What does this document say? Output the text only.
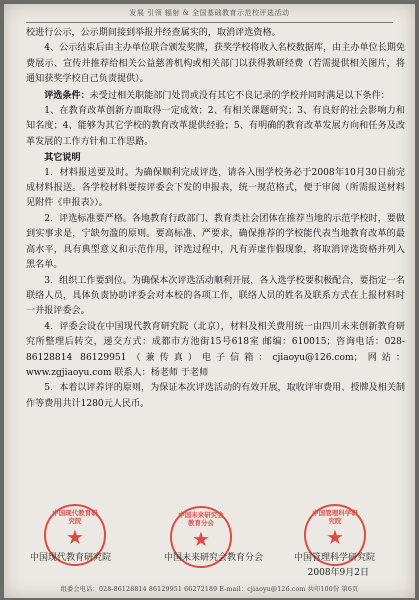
发展 引领 辐射 & 全国基础教育示范校评选活动

校进行公示，公示期间接到举报并经查属实的，取消评选资格。

4、公示结束后由主办单位联合颁发奖牌，获奖学校将收入名校数据库，由主办单位长期免费展示、宣传并推荐给相关公益慈善机构或相关部门以获得教研经费（若需提供相关图片，将通知获奖学校自己负责提供）。

评选条件：未受过相关职能部门处罚或没有其它不良记录的学校并同时满足以下条件：

1、在教育改革创新方面取得一定成效；2、有相关课题研究；3、有良好的社会影响力和知名度；4、能够为其它学校的教育改革提供经验；5、有明确的教育改革发展方向和任务及改革发展的工作方针和工作思路。

其它说明

1．材料报送要及时。为确保顺利完成评选，请各入围学校务必于2008年10月30日前完成材料报送。各学校材料要按评委会下发的申报表，统一规范格式，便于审阅（所需报送材料见附件《申报表》）。

2．评选标准要严格。各地教育行政部门、教育类社会团体在推荐当地的示范学校时，要做到实事求是，宁缺勿滥的原则。要高标准、严要求，确保推荐的学校能代表当地教育改革的最高水平，具有典型意义和示范作用，评选过程中，凡有弄虚作假现象，将取消评选资格并列入黑名单。

3．组织工作要到位。为确保本次评选活动顺利开展，各入选学校要积极配合，要指定一名联络人员，具体负责协助评委会对本校的各项工作，联络人员的姓名及联系方式在上报材料时一并报评委会。

4．评委会设在中国现代教育研究院（北京），材料及相关费用统一由四川未来创新教育研究所整理后转交，递交方式：成都市方池街15号618室 邮编：610015；咨询电话：028-86128814 86129951（兼传真）电子信箱：cjiaoyu@126.com；网站：www.zgjiaoyu.com 联系人：杨老师 于老师

5．本着以评养评的原则，为保证本次评选活动的有效开展，取收评审费用、授牌及相关制作等费用共计1280元人民币。

中国现代教育研究院
★
中国未来研究会教育分会
★
中国管理科学研究院
★
中国现代教育研究院	中国未来研究会教育分会	中国管理科学研究院
2008年9月2日
组委会电话：028-86128814 86129951 66272189 E-mail：cjiaoyu@126.com 共印100份 第6页
